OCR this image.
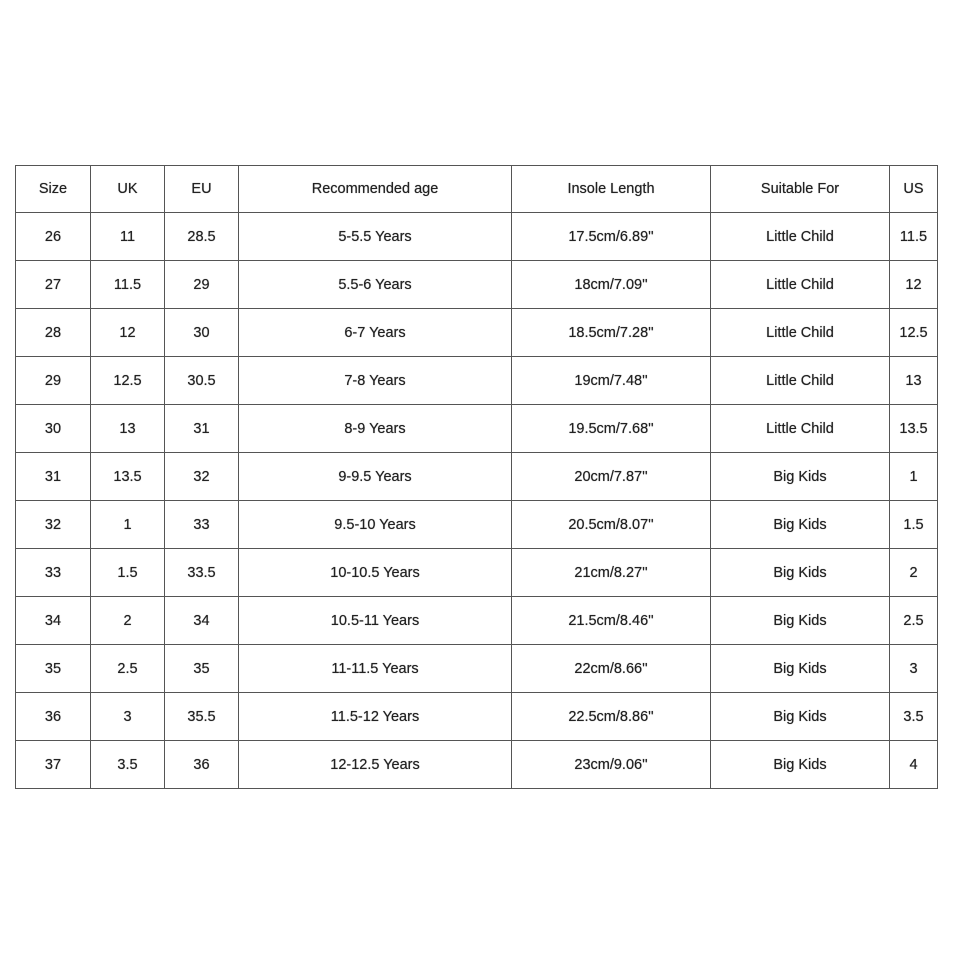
Size	UK	EU	Recommended age	Insole Length	Suitable For	US
26	11	28.5	5-5.5 Years	17.5cm/6.89''	Little Child	11.5
27	11.5	29	5.5-6 Years	18cm/7.09''	Little Child	12
28	12	30	6-7 Years	18.5cm/7.28''	Little Child	12.5
29	12.5	30.5	7-8 Years	19cm/7.48''	Little Child	13
30	13	31	8-9 Years	19.5cm/7.68''	Little Child	13.5
31	13.5	32	9-9.5 Years	20cm/7.87''	Big Kids	1
32	1	33	9.5-10 Years	20.5cm/8.07''	Big Kids	1.5
33	1.5	33.5	10-10.5 Years	21cm/8.27''	Big Kids	2
34	2	34	10.5-11 Years	21.5cm/8.46''	Big Kids	2.5
35	2.5	35	11-11.5 Years	22cm/8.66''	Big Kids	3
36	3	35.5	11.5-12 Years	22.5cm/8.86''	Big Kids	3.5
37	3.5	36	12-12.5 Years	23cm/9.06''	Big Kids	4
